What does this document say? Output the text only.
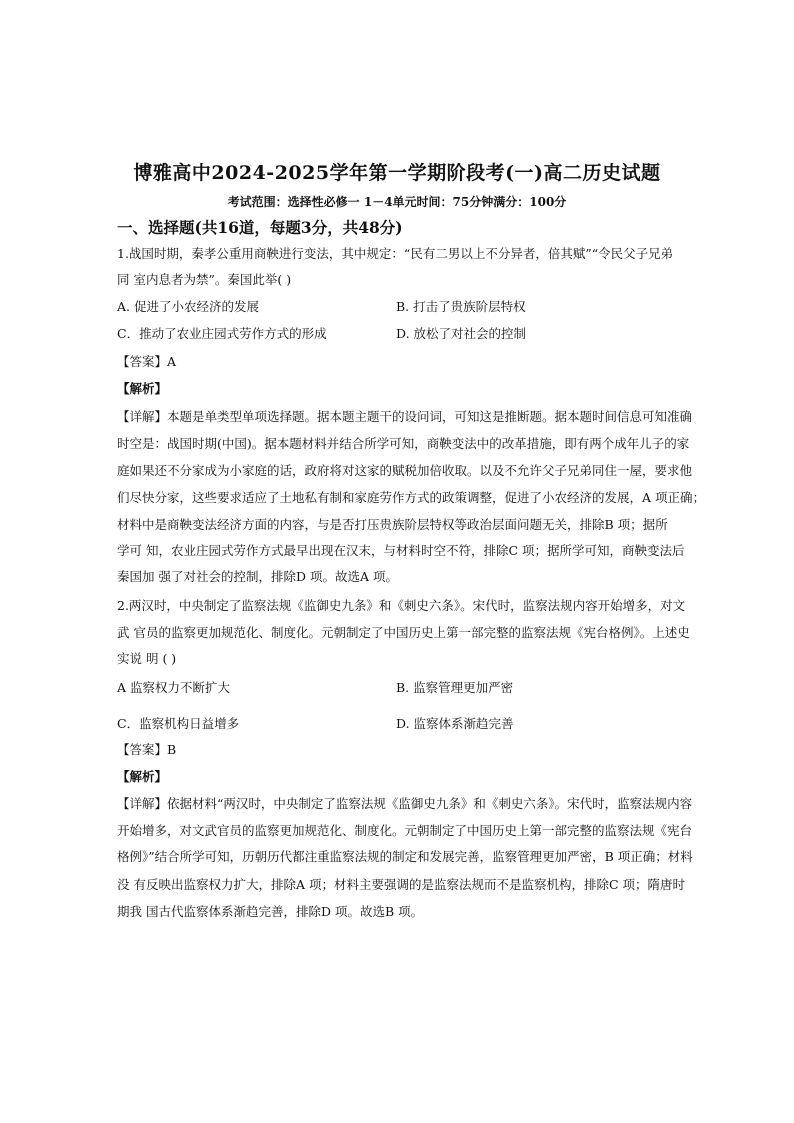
博雅高中2024-2025学年第一学期阶段考(一)高二历史试题
考试范围：选择性必修一 1－4单元时间：75分钟满分：100分
一、选择题(共16道，每题3分，共48分)
1.战国时期，秦孝公重用商鞅进行变法，其中规定：“民有二男以上不分异者，倍其赋”“令民父子兄弟
同 室内息者为禁”。秦国此举( )
A. 促进了小农经济的发展	B. 打击了贵族阶层特权
C．推动了农业庄园式劳作方式的形成	D. 放松了对社会的控制
【答案】A
【解析】
【详解】本题是单类型单项选择题。据本题主题干的设问词，可知这是推断题。据本题时间信息可知准确
时空是：战国时期(中国)。据本题材料并结合所学可知，商鞅变法中的改革措施，即有两个成年儿子的家
庭如果还不分家成为小家庭的话，政府将对这家的赋税加倍收取。以及不允许父子兄弟同住一屋，要求他
们尽快分家，这些要求适应了土地私有制和家庭劳作方式的政策调整，促进了小农经济的发展，A 项正确；
材料中是商鞅变法经济方面的内容，与是否打压贵族阶层特权等政治层面问题无关，排除B 项；据所
学可 知，农业庄园式劳作方式最早出现在汉末，与材料时空不符，排除C 项；据所学可知，商鞅变法后
秦国加 强了对社会的控制，排除D 项。故选A 项。
2.两汉时，中央制定了监察法规《监御史九条》和《刺史六条》。宋代时，监察法规内容开始增多，对文
武 官员的监察更加规范化、制度化。元朝制定了中国历史上第一部完整的监察法规《宪台格例》。上述史
实说 明 ( )
A 监察权力不断扩大	B. 监察管理更加严密
C．监察机构日益增多	D. 监察体系渐趋完善
【答案】B
【解析】
【详解】依据材料“两汉时，中央制定了监察法规《监御史九条》和《刺史六条》。宋代时，监察法规内容
开始增多，对文武官员的监察更加规范化、制度化。元朝制定了中国历史上第一部完整的监察法规《宪台
格例》”结合所学可知，历朝历代都注重监察法规的制定和发展完善，监察管理更加严密，B 项正确；材料
没 有反映出监察权力扩大，排除A 项；材料主要强调的是监察法规而不是监察机构，排除C 项；隋唐时
期我 国古代监察体系渐趋完善，排除D 项。故选B 项。
